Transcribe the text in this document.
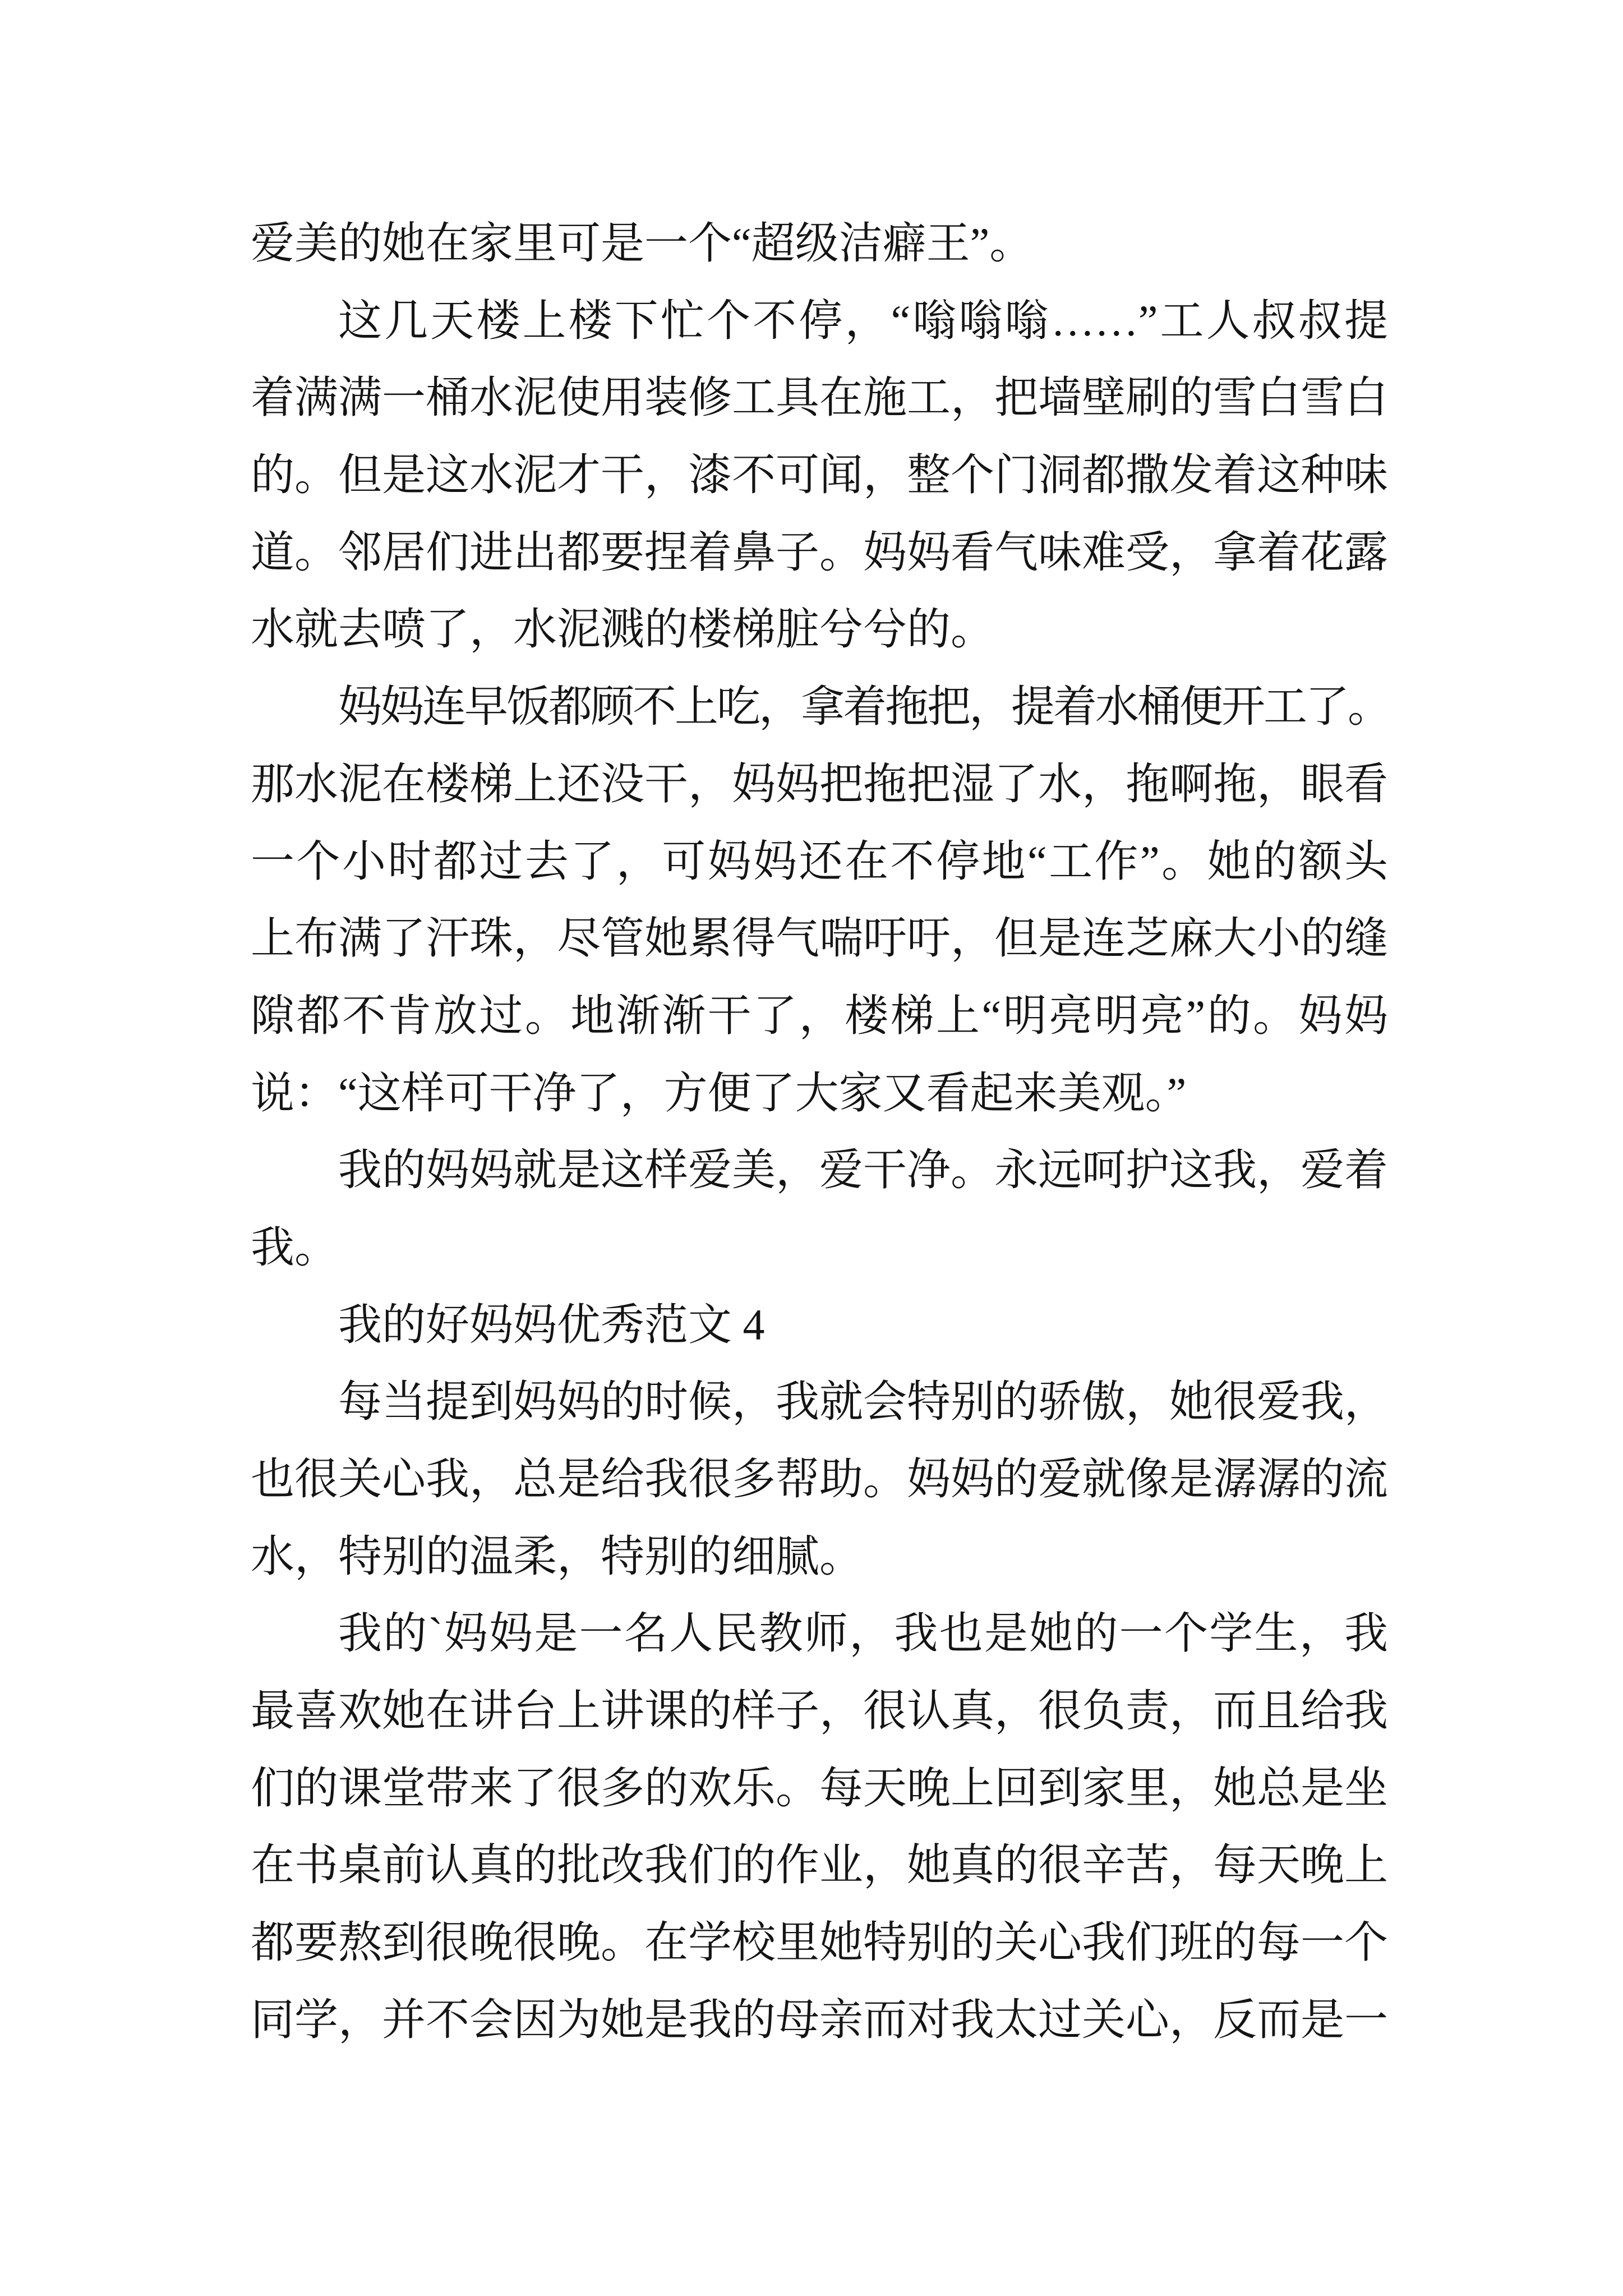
爱美的她在家里可是一个“超级洁癖王”。
这几天楼上楼下忙个不停，“嗡嗡嗡……”工人叔叔提
着满满一桶水泥使用装修工具在施工，把墙壁刷的雪白雪白
的。但是这水泥才干，漆不可闻，整个门洞都撒发着这种味
道。邻居们进出都要捏着鼻子。妈妈看气味难受，拿着花露
水就去喷了，水泥溅的楼梯脏兮兮的。
妈妈连早饭都顾不上吃，拿着拖把，提着水桶便开工了。
那水泥在楼梯上还没干，妈妈把拖把湿了水，拖啊拖，眼看
一个小时都过去了，可妈妈还在不停地“工作”。她的额头
上布满了汗珠，尽管她累得气喘吁吁，但是连芝麻大小的缝
隙都不肯放过。地渐渐干了，楼梯上“明亮明亮”的。妈妈
说：“这样可干净了，方便了大家又看起来美观。”
我的妈妈就是这样爱美，爱干净。永远呵护这我，爱着
我。
我的好妈妈优秀范文 4
每当提到妈妈的时候，我就会特别的骄傲，她很爱我，
也很关心我，总是给我很多帮助。妈妈的爱就像是潺潺的流
水，特别的温柔，特别的细腻。
我的`妈妈是一名人民教师，我也是她的一个学生，我
最喜欢她在讲台上讲课的样子，很认真，很负责，而且给我
们的课堂带来了很多的欢乐。每天晚上回到家里，她总是坐
在书桌前认真的批改我们的作业，她真的很辛苦，每天晚上
都要熬到很晚很晚。在学校里她特别的关心我们班的每一个
同学，并不会因为她是我的母亲而对我太过关心，反而是一
